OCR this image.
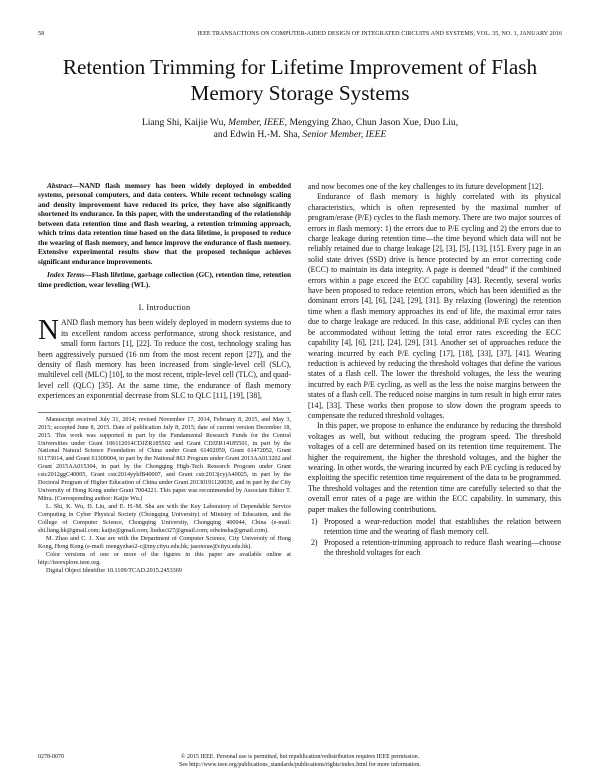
58	IEEE TRANSACTIONS ON COMPUTER-AIDED DESIGN OF INTEGRATED CIRCUITS AND SYSTEMS, VOL. 35, NO. 1, JANUARY 2016
Retention Trimming for Lifetime Improvement of Flash Memory Storage Systems
Liang Shi, Kaijie Wu, Member, IEEE, Mengying Zhao, Chun Jason Xue, Duo Liu,
and Edwin H.-M. Sha, Senior Member, IEEE

Abstract—NAND flash memory has been widely deployed in embedded systems, personal computers, and data centers. While recent technology scaling and density improvement have reduced its price, they have also significantly shortened its endurance. In this paper, with the understanding of the relationship between data retention time and flash wearing, a retention trimming approach, which trims data retention time based on the data lifetime, is proposed to reduce the wearing of flash memory, and hence improve the endurance of flash memory. Extensive experimental results show that the proposed technique achieves significant endurance improvements.

Index Terms—Flash lifetime, garbage collection (GC), retention time, retention time prediction, wear leveling (WL).

I. Introduction

NAND flash memory has been widely deployed in modern systems due to its excellent random access performance, strong shock resistance, and small form factors [1], [22]. To reduce the cost, technology scaling has been aggressively pursued (16 nm from the most recent report [27]), and the density of flash memory has been increased from single-level cell (SLC), multilevel cell (MLC) [10], to the most recent, triple-level cell (TLC), and quad-level cell (QLC) [35]. At the same time, the endurance of flash memory experiences an exponential decrease from SLC to QLC [11], [19], [38],

Manuscript received July 31, 2014; revised November 17, 2014, February 8, 2015, and May 3, 2015; accepted June 8, 2015. Date of publication July 8, 2015; date of current version December 18, 2015. This work was supported in part by the Fundamental Research Funds for the Central Universities under Grant 106112014CDJZR185502 and Grant CDJZR14185501, in part by the National Natural Science Foundation of China under Grant 61402059, Grant 61472052, Grant 61173014, and Grant 61309004, in part by the National 863 Program under Grant 2013AA013202 and Grant 2015AA015304, in part by the Chongqing High-Tech Research Program under Grant cstc2012ggC40005, Grant cstc2014yykfB40007, and Grant cstc2013jcyjA40025, in part by the Doctoral Program of Higher Education of China under Grant 20130191120030, and in part by the City University of Hong Kong under Grant 7004221. This paper was recommended by Associate Editor T. Mitra. (Corresponding author: Kaijie Wu.)

L. Shi, K. Wu, D. Liu, and E. H.-M. Sha are with the Key Laboratory of Dependable Service Computing in Cyber Physical Society (Chongqing University) of Ministry of Education, and the College of Computer Science, Chongqing University, Chongqing 400044, China (e-mail: shi.liang.hk@gmail.com; kaijie@gmail.com; liuduo327@gmail.com; edwinsha@gmail.com).

M. Zhao and C. J. Xue are with the Department of Computer Science, City University of Hong Kong, Hong Kong (e-mail: mengyzhao2-c@my.cityu.edu.hk; jasonxue@cityu.edu.hk).

Color versions of one or more of the figures in this paper are available online at http://ieeexplore.ieee.org.

Digital Object Identifier 10.1109/TCAD.2015.2453369

and now becomes one of the key challenges to its future development [12].

Endurance of flash memory is highly correlated with its physical characteristics, which is often represented by the maximal number of program/erase (P/E) cycles to the flash memory. There are two major sources of errors in flash memory: 1) the errors due to P/E cycling and 2) the errors due to charge leakage during retention time—the time beyond which data will not be reliably retained due to charge leakage [2], [3], [5], [13], [15]. Every page in an solid state drives (SSD) drive is hence protected by an error correcting code (ECC) to maintain its data integrity. A page is deemed “dead” if the combined errors within a page exceed the ECC capability [43]. Recently, several works have been proposed to reduce retention errors, which has been identified as the dominant errors [4], [6], [24], [29], [31]. By relaxing (lowering) the retention time when a flash memory approaches its end of life, the maximal error rates due to charge leakage are reduced. In this case, additional P/E cycles can then be accommodated without letting the total error rates exceeding the ECC capability [4], [6], [21], [24], [29], [31]. Another set of approaches reduce the wearing incurred by each P/E cycling [17], [18], [33], [37], [41]. Wearing reduction is achieved by reducing the threshold voltages that define the various states of a flash cell. The lower the threshold voltages, the less the wearing incurred by each P/E cycling, as well as the less the noise margins between the states of a flash cell. The reduced noise margins in turn result in high error rates [14], [33]. These works then propose to slow down the program speeds to compensate the reduced threshold voltages.

In this paper, we propose to enhance the endurance by reducing the threshold voltages as well, but without reducing the program speed. The threshold voltages of a cell are determined based on its retention time requirement. The higher the requirement, the higher the threshold voltages, and the higher the wearing. In other words, the wearing incurred by each P/E cycling is reduced by exploiting the specific retention time requirement of the data to be programmed. The threshold voltages and the retention time are carefully selected so that the overall error rates of a page are within the ECC capability. In summary, this paper makes the following contributions.

1) Proposed a wear-reduction model that establishes the relation between retention time and the wearing of flash memory cell.
2) Proposed a retention-trimming approach to reduce flash wearing—choose the threshold voltages for each
0278-0070	© 2015 IEEE. Personal use is permitted, but republication/redistribution requires IEEE permission.
See http://www.ieee.org/publications_standards/publications/rights/index.html for more information.
